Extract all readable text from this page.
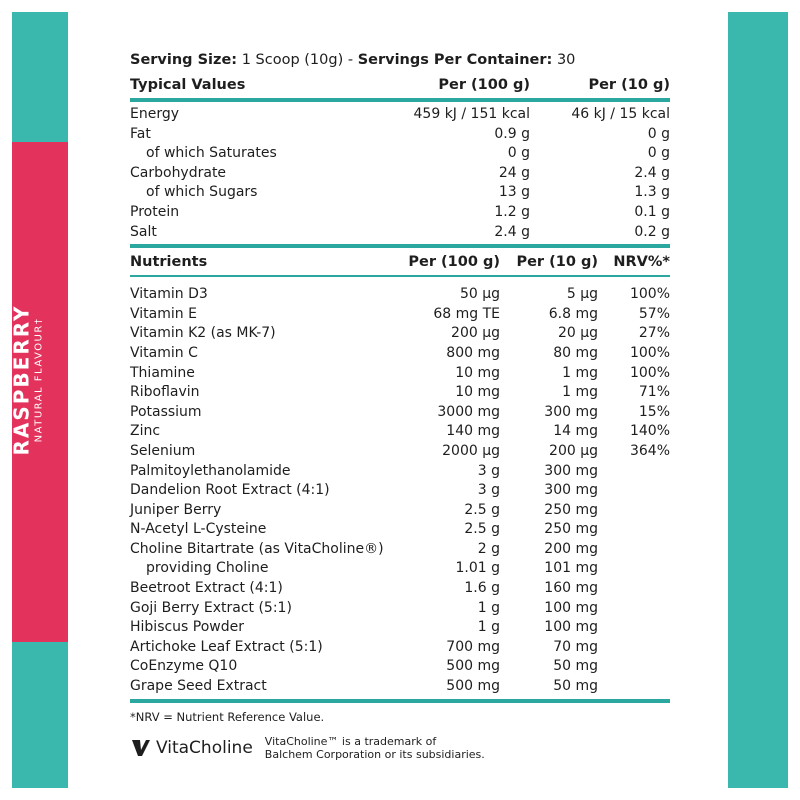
RASPBERRY NATURAL FLAVOUR†
Serving Size: 1 Scoop (10g) - Servings Per Container: 30
Typical Values	Per (100 g)	Per (10 g)
Energy	459 kJ / 151 kcal	46 kJ / 15 kcal
Fat	0.9 g	0 g
of which Saturates	0 g	0 g
Carbohydrate	24 g	2.4 g
of which Sugars	13 g	1.3 g
Protein	1.2 g	0.1 g
Salt	2.4 g	0.2 g
Nutrients	Per (100 g)	Per (10 g)	NRV%*
Vitamin D3	50 µg	5 µg	100%
Vitamin E	68 mg TE	6.8 mg	57%
Vitamin K2 (as MK-7)	200 µg	20 µg	27%
Vitamin C	800 mg	80 mg	100%
Thiamine	10 mg	1 mg	100%
Riboflavin	10 mg	1 mg	71%
Potassium	3000 mg	300 mg	15%
Zinc	140 mg	14 mg	140%
Selenium	2000 µg	200 µg	364%
Palmitoylethanolamide	3 g	300 mg
Dandelion Root Extract (4:1)	3 g	300 mg
Juniper Berry	2.5 g	250 mg
N-Acetyl L-Cysteine	2.5 g	250 mg
Choline Bitartrate (as VitaCholine®)	2 g	200 mg
providing Choline	1.01 g	101 mg
Beetroot Extract (4:1)	1.6 g	160 mg
Goji Berry Extract (5:1)	1 g	100 mg
Hibiscus Powder	1 g	100 mg
Artichoke Leaf Extract (5:1)	700 mg	70 mg
CoEnzyme Q10	500 mg	50 mg
Grape Seed Extract	500 mg	50 mg
*NRV = Nutrient Reference Value.
VitaCholine VitaCholine™ is a trademark of
Balchem Corporation or its subsidiaries.
